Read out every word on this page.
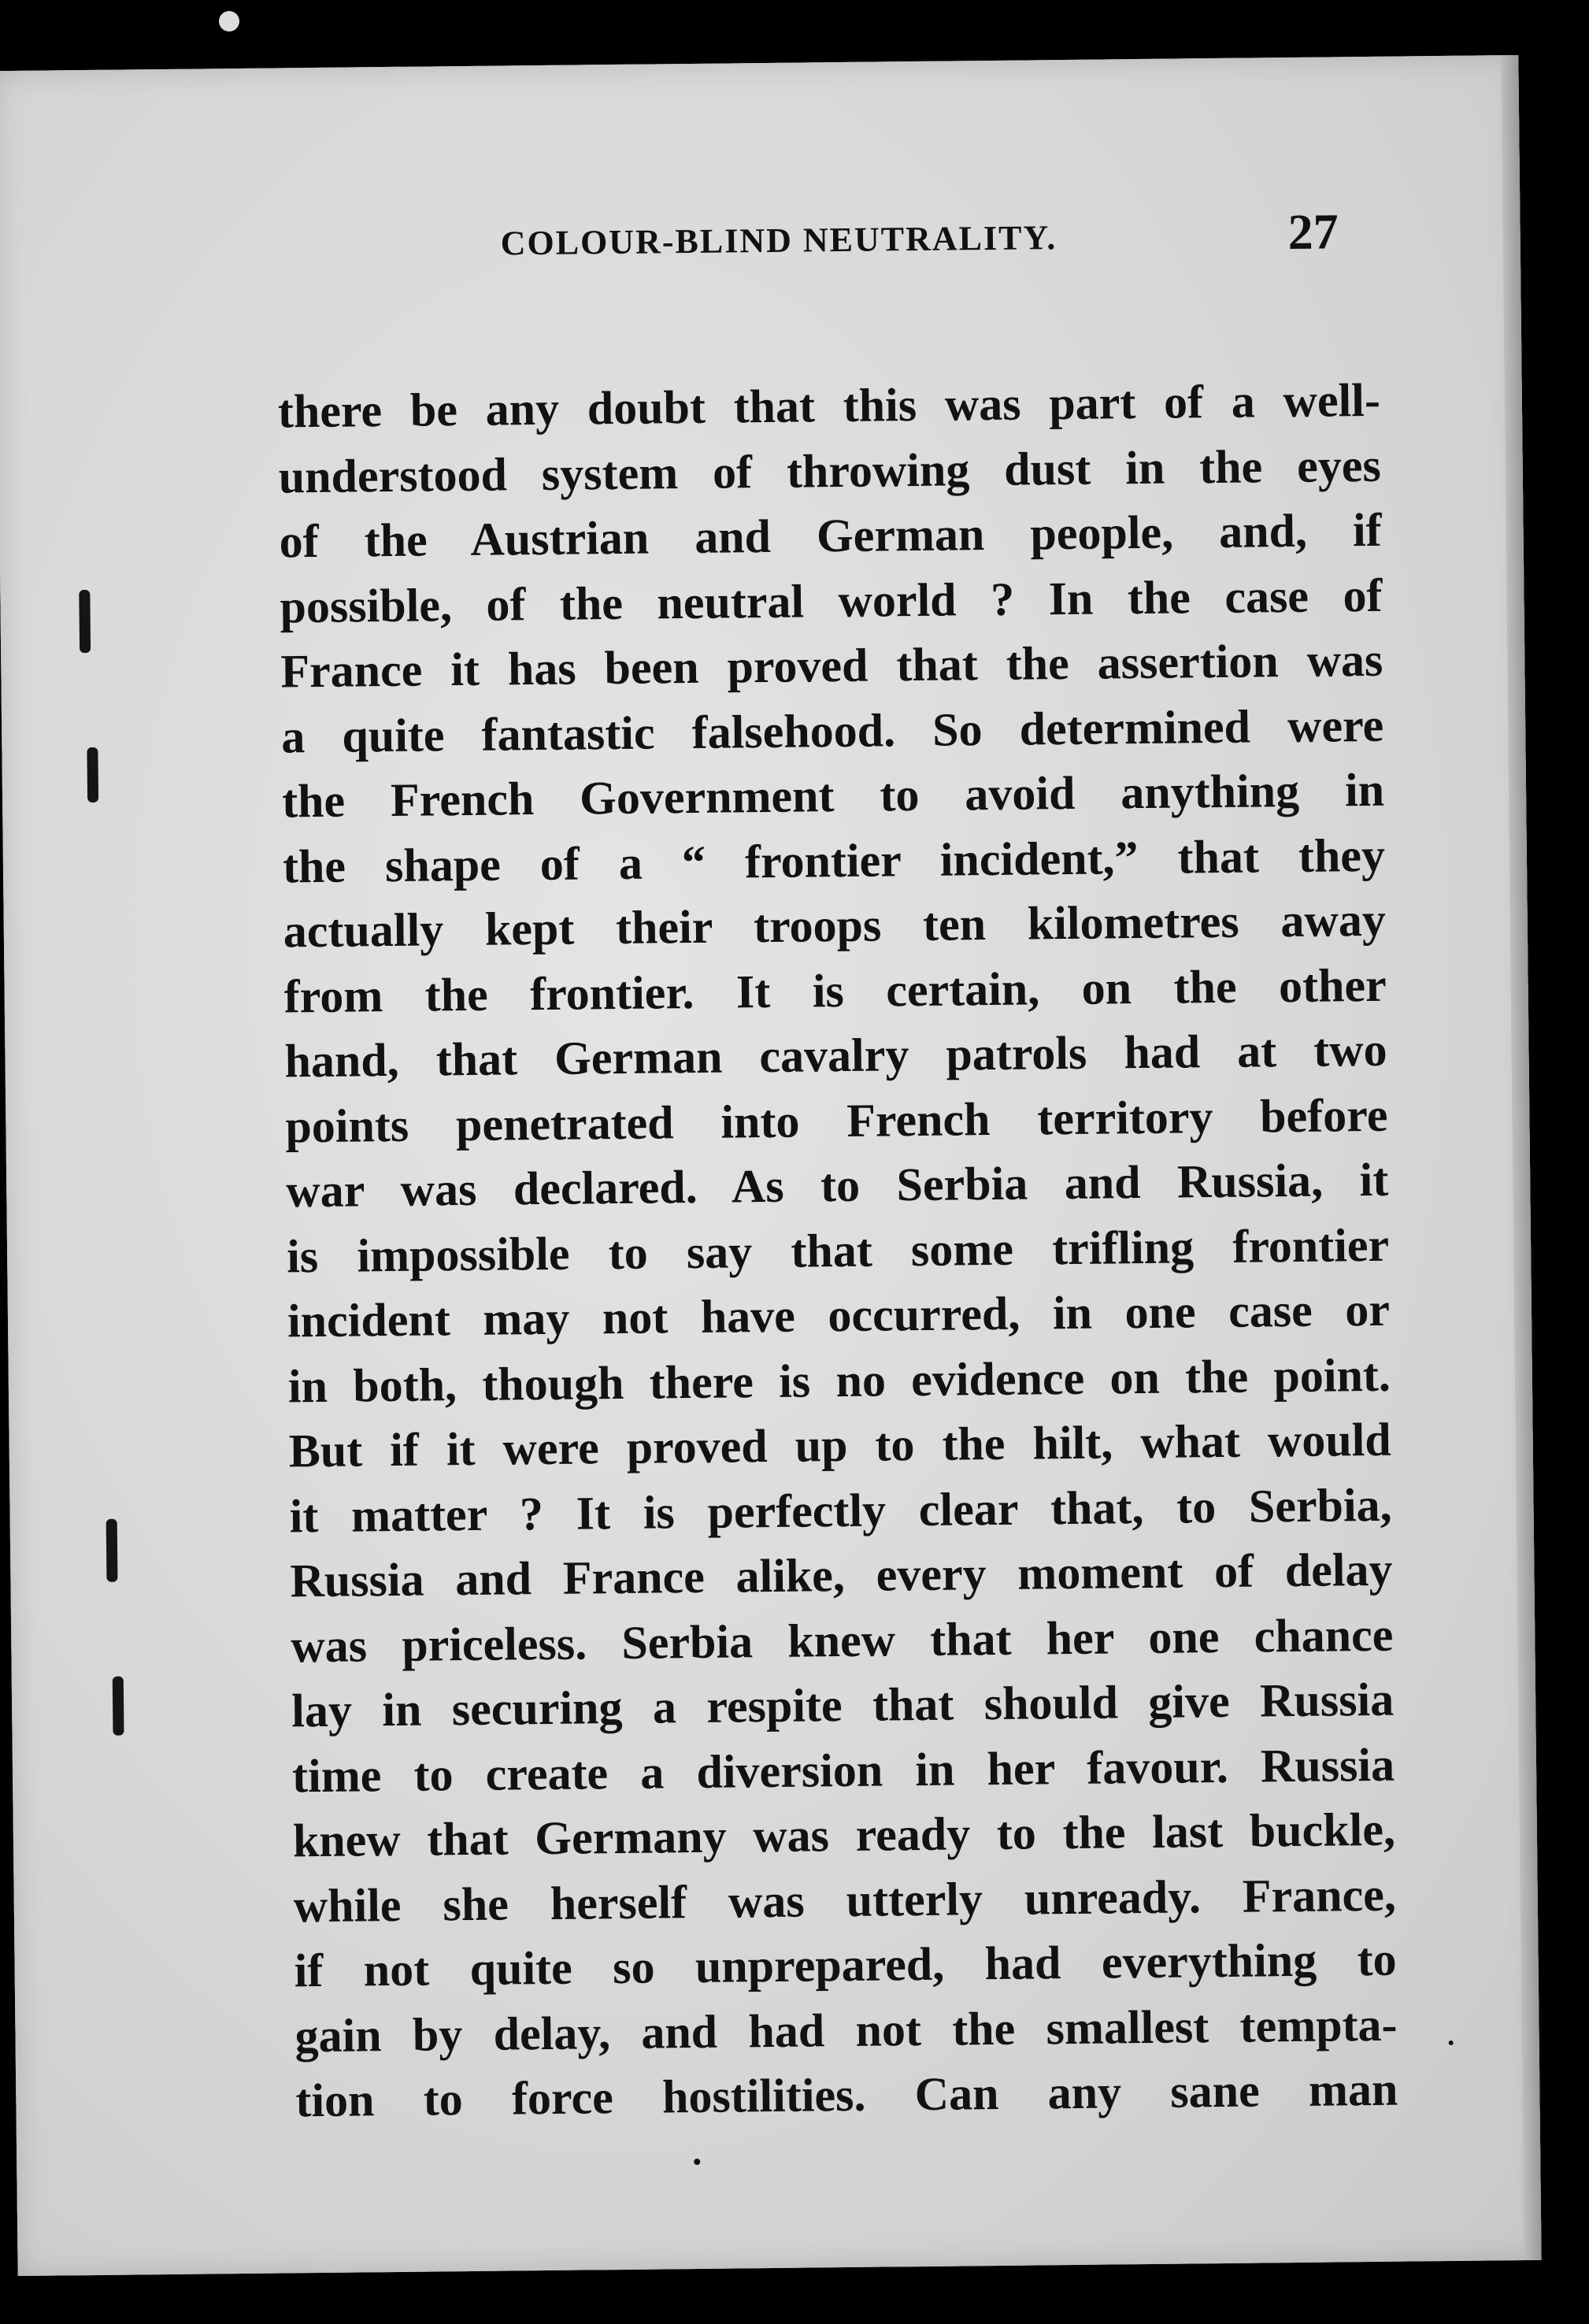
COLOUR-BLIND NEUTRALITY.	27
there be any doubt that this was part of a well-
understood system of throwing dust in the eyes
of the Austrian and German people, and, if
possible, of the neutral world ? In the case of
France it has been proved that the assertion was
a quite fantastic falsehood. So determined were
the French Government to avoid anything in
the shape of a “ frontier incident,” that they
actually kept their troops ten kilometres away
from the frontier. It is certain, on the other
hand, that German cavalry patrols had at two
points penetrated into French territory before
war was declared. As to Serbia and Russia, it
is impossible to say that some trifling frontier
incident may not have occurred, in one case or
in both, though there is no evidence on the point.
But if it were proved up to the hilt, what would
it matter ? It is perfectly clear that, to Serbia,
Russia and France alike, every moment of delay
was priceless. Serbia knew that her one chance
lay in securing a respite that should give Russia
time to create a diversion in her favour. Russia
knew that Germany was ready to the last buckle,
while she herself was utterly unready. France,
if not quite so unprepared, had everything to
gain by delay, and had not the smallest tempta-
tion to force hostilities. Can any sane man
